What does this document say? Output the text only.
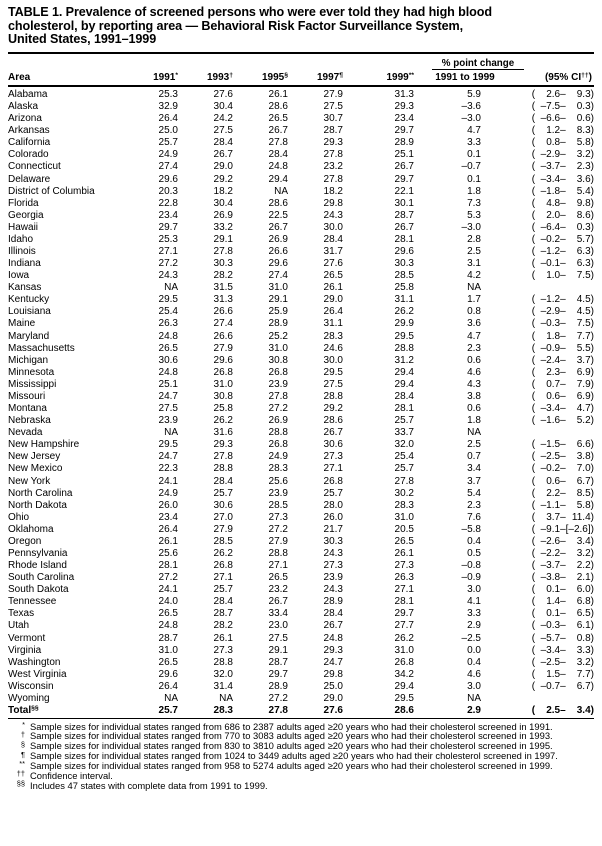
TABLE 1. Prevalence of screened persons who were ever told they had high blood
cholesterol, by reporting area — Behavioral Risk Factor Surveillance System,
United States, 1991–1999
% point change
Area	1991*	1993†	1995§	1997¶	1999**	1991 to 1999	(95% CI††)
Alabama	25.3	27.6	26.1	27.9	31.3	5.9	(	2.6 –	9.3 )
Alaska	32.9	30.4	28.6	27.5	29.3	–3.6	( –7.5 –	0.3 )
Arizona	26.4	24.2	26.5	30.7	23.4	–3.0	( –6.6 –	0.6 )
Arkansas	25.0	27.5	26.7	28.7	29.7	4.7	(	1.2 –	8.3 )
California	25.7	28.4	27.8	29.3	28.9	3.3	(	0.8 –	5.8 )
Colorado	24.9	26.7	28.4	27.8	25.1	0.1	( –2.9 –	3.2 )
Connecticut	27.4	29.0	24.8	23.2	26.7	–0.7	( –3.7 –	2.3 )
Delaware	29.6	29.2	29.4	27.8	29.7	0.1	( –3.4 –	3.6 )
District of Columbia	20.3	18.2	NA	18.2	22.1	1.8	( –1.8 –	5.4 )
Florida	22.8	30.4	28.6	29.8	30.1	7.3	(	4.8 –	9.8 )
Georgia	23.4	26.9	22.5	24.3	28.7	5.3	(	2.0 –	8.6 )
Hawaii	29.7	33.2	26.7	30.0	26.7	–3.0	( –6.4 –	0.3 )
Idaho	25.3	29.1	26.9	28.4	28.1	2.8	( –0.2 –	5.7 )
Illinois	27.1	27.8	26.6	31.7	29.6	2.5	( –1.2 –	6.3 )
Indiana	27.2	30.3	29.6	27.6	30.3	3.1	( –0.1 –	6.3 )
Iowa	24.3	28.2	27.4	26.5	28.5	4.2	(	1.0 –	7.5 )
Kansas	NA	31.5	31.0	26.1	25.8	NA
Kentucky	29.5	31.3	29.1	29.0	31.1	1.7	( –1.2 –	4.5 )
Louisiana	25.4	26.6	25.9	26.4	26.2	0.8	( –2.9 –	4.5 )
Maine	26.3	27.4	28.9	31.1	29.9	3.6	( –0.3 –	7.5 )
Maryland	24.8	26.6	25.2	28.3	29.5	4.7	(	1.8 –	7.7 )
Massachusetts	26.5	27.9	31.0	24.6	28.8	2.3	( –0.9 –	5.5 )
Michigan	30.6	29.6	30.8	30.0	31.2	0.6	( –2.4 –	3.7 )
Minnesota	24.8	26.8	26.8	29.5	29.4	4.6	(	2.3 –	6.9 )
Mississippi	25.1	31.0	23.9	27.5	29.4	4.3	(	0.7 –	7.9 )
Missouri	24.7	30.8	27.8	28.8	28.4	3.8	(	0.6 –	6.9 )
Montana	27.5	25.8	27.2	29.2	28.1	0.6	( –3.4 –	4.7 )
Nebraska	23.9	26.2	26.9	28.6	25.7	1.8	( –1.6 –	5.2 )
Nevada	NA	31.6	28.8	26.7	33.7	NA
New Hampshire	29.5	29.3	26.8	30.6	32.0	2.5	( –1.5 –	6.6 )
New Jersey	24.7	27.8	24.9	27.3	25.4	0.7	( –2.5 –	3.8 )
New Mexico	22.3	28.8	28.3	27.1	25.7	3.4	( –0.2 –	7.0 )
New York	24.1	28.4	25.6	26.8	27.8	3.7	(	0.6 –	6.7 )
North Carolina	24.9	25.7	23.9	25.7	30.2	5.4	(	2.2 –	8.5 )
North Dakota	26.0	30.6	28.5	28.0	28.3	2.3	( –1.1 –	5.8 )
Ohio	23.4	27.0	27.3	26.0	31.0	7.6	(	3.7 – 11.4 )
Oklahoma	26.4	27.9	27.2	21.7	20.5	–5.8	( –9.1 – [–2.6] )
Oregon	26.1	28.5	27.9	30.3	26.5	0.4	( –2.6 –	3.4 )
Pennsylvania	25.6	26.2	28.8	24.3	26.1	0.5	( –2.2 –	3.2 )
Rhode Island	28.1	26.8	27.1	27.3	27.3	–0.8	( –3.7 –	2.2 )
South Carolina	27.2	27.1	26.5	23.9	26.3	–0.9	( –3.8 –	2.1 )
South Dakota	24.1	25.7	23.2	24.3	27.1	3.0	(	0.1 –	6.0 )
Tennessee	24.0	28.4	26.7	28.9	28.1	4.1	(	1.4 –	6.8 )
Texas	26.5	28.7	33.4	28.4	29.7	3.3	(	0.1 –	6.5 )
Utah	24.8	28.2	23.0	26.7	27.7	2.9	( –0.3 –	6.1 )
Vermont	28.7	26.1	27.5	24.8	26.2	–2.5	( –5.7 –	0.8 )
Virginia	31.0	27.3	29.1	29.3	31.0	0.0	( –3.4 –	3.3 )
Washington	26.5	28.8	28.7	24.7	26.8	0.4	( –2.5 –	3.2 )
West Virginia	29.6	32.0	29.7	29.8	34.2	4.6	(	1.5 –	7.7 )
Wisconsin	26.4	31.4	28.9	25.0	29.4	3.0	( –0.7 –	6.7 )
Wyoming	NA	NA	27.2	29.0	29.5	NA
Total§§	25.7	28.3	27.8	27.6	28.6	2.9	(	2.5 –	3.4 )
* Sample sizes for individual states ranged from 686 to 2387 adults aged ≥20 years who had their cholesterol screened in 1991.
† Sample sizes for individual states ranged from 770 to 3083 adults aged ≥20 years who had their cholesterol screened in 1993.
§ Sample sizes for individual states ranged from 830 to 3810 adults aged ≥20 years who had their cholesterol screened in 1995.
¶ Sample sizes for individual states ranged from 1024 to 3449 adults aged ≥20 years who had their cholesterol screened in 1997.
** Sample sizes for individual states ranged from 958 to 5274 adults aged ≥20 years who had their cholesterol screened in 1999.
†† Confidence interval.
§§ Includes 47 states with complete data from 1991 to 1999.
